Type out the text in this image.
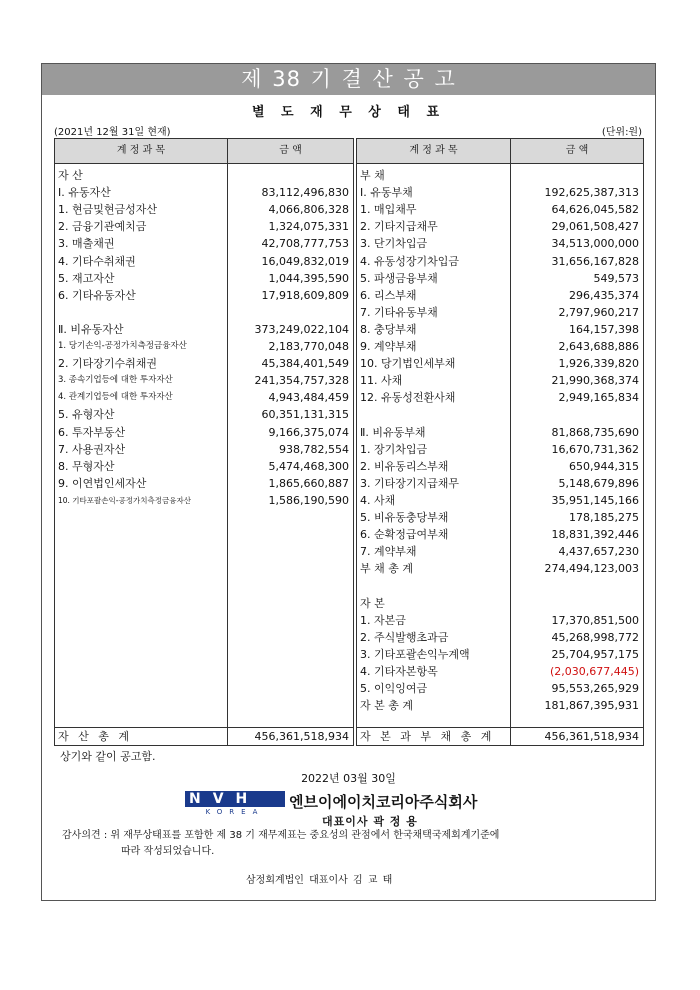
제 38 기 결 산 공 고
별 도 재 무 상 태 표
(2021년 12월 31일 현재)	(단위:원)
계 정 과 목	금 액
자 산
Ⅰ. 유동자산	83,112,496,830
1. 현금및현금성자산	4,066,806,328
2. 금융기관예치금	1,324,075,331
3. 매출채권	42,708,777,753
4. 기타수취채권	16,049,832,019
5. 재고자산	1,044,395,590
6. 기타유동자산	17,918,609,809
Ⅱ. 비유동자산	373,249,022,104
1. 당기손익-공정가치측정금융자산	2,183,770,048
2. 기타장기수취채권	45,384,401,549
3. 종속기업등에 대한 투자자산	241,354,757,328
4. 관계기업등에 대한 투자자산	4,943,484,459
5. 유형자산	60,351,131,315
6. 투자부동산	9,166,375,074
7. 사용권자산	938,782,554
8. 무형자산	5,474,468,300
9. 이연법인세자산	1,865,660,887
10. 기타포괄손익-공정가치측정금융자산	1,586,190,590
자 산 총 계	456,361,518,934
계 정 과 목	금 액
부 채
Ⅰ. 유동부채	192,625,387,313
1. 매입채무	64,626,045,582
2. 기타지급채무	29,061,508,427
3. 단기차입금	34,513,000,000
4. 유동성장기차입금	31,656,167,828
5. 파생금융부채	549,573
6. 리스부채	296,435,374
7. 기타유동부채	2,797,960,217
8. 충당부채	164,157,398
9. 계약부채	2,643,688,886
10. 당기법인세부채	1,926,339,820
11. 사채	21,990,368,374
12. 유동성전환사채	2,949,165,834
Ⅱ. 비유동부채	81,868,735,690
1. 장기차입금	16,670,731,362
2. 비유동리스부채	650,944,315
3. 기타장기지급채무	5,148,679,896
4. 사채	35,951,145,166
5. 비유동충당부채	178,185,275
6. 순확정급여부채	18,831,392,446
7. 계약부채	4,437,657,230
부 채 총 계	274,494,123,003
자 본
1. 자본금	17,370,851,500
2. 주식발행초과금	45,268,998,772
3. 기타포괄손익누계액	25,704,957,175
4. 기타자본항목	(2,030,677,445)
5. 이익잉여금	95,553,265,929
자 본 총 계	181,867,395,931
자 본 과 부 채 총 계	456,361,518,934
상기와 같이 공고함.
2022년 03월 30일
NVH
KOREA
엔브이에이치코리아주식회사
대표이사 곽 정 용
감사의견 : 위 재무상태표를 포함한 제 38 기 재무제표는 중요성의 관점에서 한국채택국제회계기준에
따라 작성되었습니다.
삼정회계법인 대표이사 김 교 태
